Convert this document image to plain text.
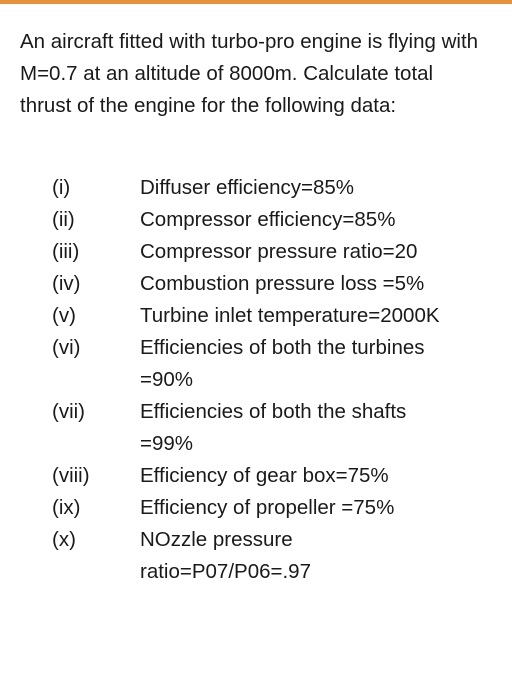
An aircraft fitted with turbo-pro engine is flying with M=0.7 at an altitude of 8000m. Calculate total thrust of the engine for the following data:

(i)	Diffuser efficiency=85%
(ii)	Compressor efficiency=85%
(iii)	Compressor pressure ratio=20
(iv)	Combustion pressure loss =5%
(v)	Turbine inlet temperature=2000K
(vi)	Efficiencies of both the turbines
=90%
(vii)	Efficiencies of both the shafts
=99%
(viii)	Efficiency of gear box=75%
(ix)	Efficiency of propeller =75%
(x)	NOzzle pressure
ratio=P07/P06=.97
